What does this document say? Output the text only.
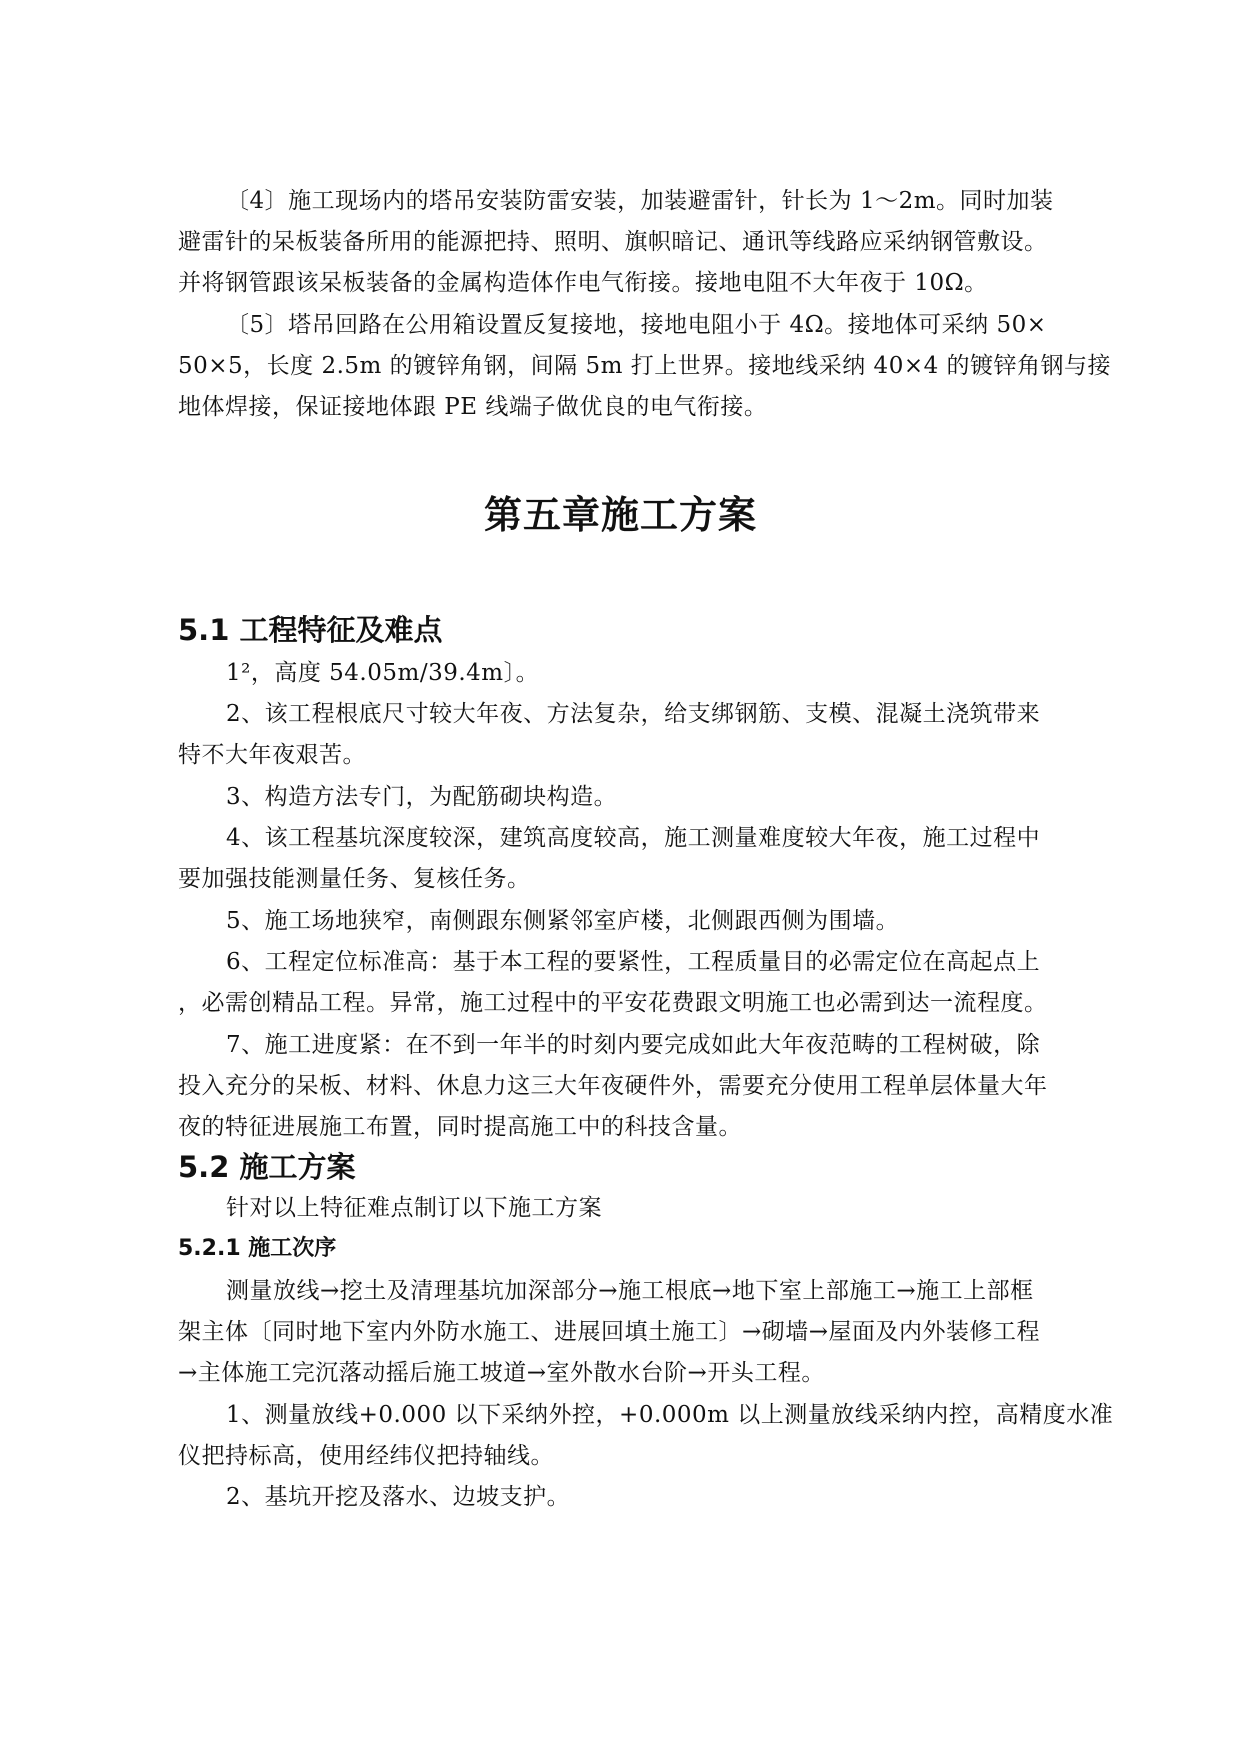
〔4〕施工现场内的塔吊安装防雷安装，加装避雷针，针长为 1～2m。同时加装
避雷针的呆板装备所用的能源把持、照明、旗帜暗记、通讯等线路应采纳钢管敷设。
并将钢管跟该呆板装备的金属构造体作电气衔接。接地电阻不大年夜于 10Ω。
〔5〕塔吊回路在公用箱设置反复接地，接地电阻小于 4Ω。接地体可采纳 50×
50×5，长度 2.5m 的镀锌角钢，间隔 5m 打上世界。接地线采纳 40×4 的镀锌角钢与接
地体焊接，保证接地体跟 PE 线端子做优良的电气衔接。
第五章施工方案
5.1 工程特征及难点
1²，高度 54.05m/39.4m〕。
2、该工程根底尺寸较大年夜、方法复杂，给支绑钢筋、支模、混凝土浇筑带来
特不大年夜艰苦。
3、构造方法专门，为配筋砌块构造。
4、该工程基坑深度较深，建筑高度较高，施工测量难度较大年夜，施工过程中
要加强技能测量任务、复核任务。
5、施工场地狭窄，南侧跟东侧紧邻室庐楼，北侧跟西侧为围墙。
6、工程定位标准高：基于本工程的要紧性，工程质量目的必需定位在高起点上
，必需创精品工程。异常，施工过程中的平安花费跟文明施工也必需到达一流程度。
7、施工进度紧：在不到一年半的时刻内要完成如此大年夜范畴的工程树破，除
投入充分的呆板、材料、休息力这三大年夜硬件外，需要充分使用工程单层体量大年
夜的特征进展施工布置，同时提高施工中的科技含量。
5.2 施工方案
针对以上特征难点制订以下施工方案
5.2.1 施工次序
测量放线→挖土及清理基坑加深部分→施工根底→地下室上部施工→施工上部框
架主体〔同时地下室内外防水施工、进展回填土施工〕→砌墙→屋面及内外装修工程
→主体施工完沉落动摇后施工坡道→室外散水台阶→开头工程。
1、测量放线+0.000 以下采纳外控，+0.000m 以上测量放线采纳内控，高精度水准
仪把持标高，使用经纬仪把持轴线。
2、基坑开挖及落水、边坡支护。
